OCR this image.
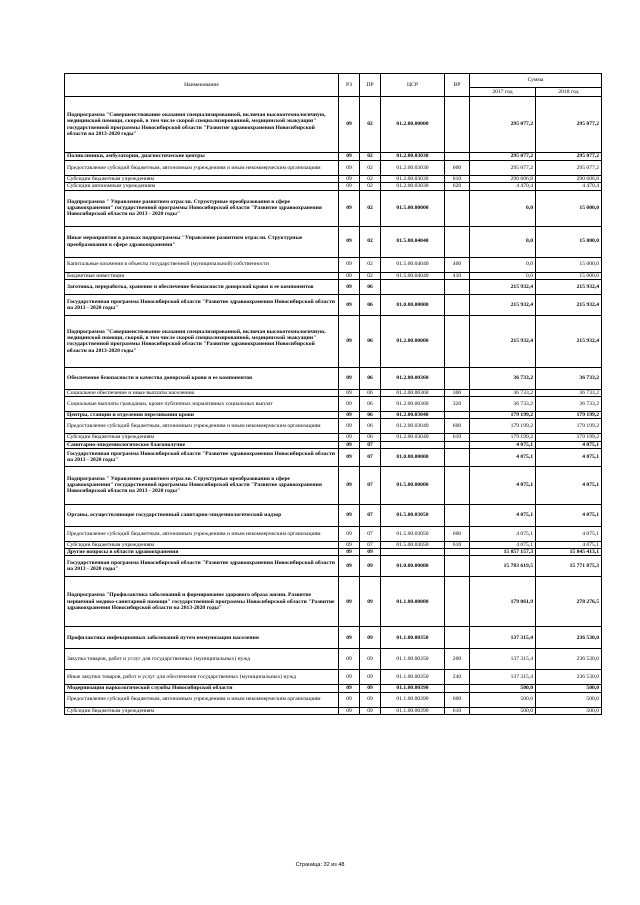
Наименование	РЗ	ПР	ЦСР	ВР	Сумма	
					2017 год	2018 год
Подпрограмма "Совершенствование оказания специализированной, включая высокотехнологичную, медицинской помощи, скорой, в том числе скорой специализированной, медицинской эвакуации" государственной программы Новосибирской области "Развитие здравоохранения Новосибирской области на 2013-2020 годы"	09	02	01.2.00.00000		295 077,2	295 077,2
Поликлиники, амбулатории, диагностические центры	09	02	01.2.00.03030		295 077,2	295 077,2
Предоставление субсидий бюджетным, автономным учреждениям и иным некоммерческим организациям	09	02	01.2.00.03030	600	295 077,2	295 077,2
Субсидии бюджетным учреждениям	09	02	01.2.00.03030	610	290 606,8	290 606,8
Субсидии автономным учреждениям	09	02	01.2.00.03030	620	4 470,4	4 470,4
Подпрограмма " Управление развитием отрасли. Структурные преобразования в сфере здравоохранения" государственной программы Новосибирской области "Развитие здравоохранения Новосибирской области на 2013 - 2020 годы"	09	02	01.5.00.00000		0,0	15 000,0
Иные мероприятия в рамках подпрограммы "Управление развитием отрасли. Структурные преобразования в сфере здравоохранения"	09	02	01.5.00.04040		0,0	15 000,0
Капитальные вложения в объекты государственной (муниципальной) собственности	09	02	01.5.00.04040	400	0,0	15 000,0
Бюджетные инвестиции	09	02	01.5.00.04040	410	0,0	15 000,0
Заготовка, переработка, хранение и обеспечение безопасности донорской крови и ее компонентов	09	06			215 932,4	215 932,4
Государственная программа Новосибирской области "Развитие здравоохранения Новосибирской области на 2013 - 2020 годы"	09	06	01.0.00.00000		215 932,4	215 932,4
Подпрограмма "Совершенствование оказания специализированной, включая высокотехнологичную, медицинской помощи, скорой, в том числе скорой специализированной, медицинской эвакуации" государственной программы Новосибирской области "Развитие здравоохранения Новосибирской области на 2013-2020 годы"	09	06	01.2.00.00000		215 932,4	215 932,4
Обеспечение безопасности и качества донорской крови и ее компонентов	09	06	01.2.00.00360		36 733,2	36 733,2
Социальное обеспечение и иные выплаты населению	09	06	01.2.00.00360	300	36 733,2	36 733,2
Социальные выплаты гражданам, кроме публичных нормативных социальных выплат	09	06	01.2.00.00360	320	36 733,2	36 733,2
Центры, станции и отделения переливания крови	09	06	01.2.00.03040		179 199,2	179 199,2
Предоставление субсидий бюджетным, автономным учреждениям и иным некоммерческим организациям	09	06	01.2.00.03040	600	179 199,2	179 199,2
Субсидии бюджетным учреждениям	09	06	01.2.00.03040	610	179 199,2	179 199,2
Санитарно-эпидемиологическое благополучие	09	07			4 075,1	4 075,1
Государственная программа Новосибирской области "Развитие здравоохранения Новосибирской области на 2013 - 2020 годы"	09	07	01.0.00.00000		4 075,1	4 075,1
Подпрограмма " Управление развитием отрасли. Структурные преобразования в сфере здравоохранения" государственной программы Новосибирской области "Развитие здравоохранения Новосибирской области на 2013 - 2020 годы"	09	07	01.5.00.00000		4 075,1	4 075,1
Органы, осуществляющие государственный санитарно-эпидемиологический надзор	09	07	01.5.00.03050		4 075,1	4 075,1
Предоставление субсидий бюджетным, автономным учреждениям и иным некоммерческим организациям	09	07	01.5.00.03050	600	4 075,1	4 075,1
Субсидии бюджетным учреждениям	09	07	01.5.00.03050	610	4 075,1	4 075,1
Другие вопросы в области здравоохранения	09	09			15 857 157,3	15 845 413,1
Государственная программа Новосибирской области "Развитие здравоохранения Новосибирской области на 2013 - 2020 годы"	09	09	01.0.00.00000		15 783 619,5	15 771 875,3
Подпрограмма "Профилактика заболеваний и формирование здорового образа жизни. Развитие первичной медико-санитарной помощи" государственной программы Новосибирской области "Развитие здравоохранения Новосибирской области на 2013-2020 годы"	09	09	01.1.00.00000		179 061,9	278 276,5
Профилактика инфекционных заболеваний путем иммунизации населения	09	09	01.1.00.00350		137 315,4	236 530,0
Закупка товаров, работ и услуг для государственных (муниципальных) нужд	09	09	01.1.00.00350	200	137 315,4	236 530,0
Иные закупки товаров, работ и услуг для обеспечения государственных (муниципальных) нужд	09	09	01.1.00.00350	240	137 315,4	236 530,0
Модернизация наркологической службы Новосибирской области	09	09	01.1.00.00390		500,0	500,0
Предоставление субсидий бюджетным, автономным учреждениям и иным некоммерческим организациям	09	09	01.1.00.00390	600	500,0	500,0
Субсидии бюджетным учреждениям	09	09	01.1.00.00390	610	500,0	500,0
Страница: 32 из 48
